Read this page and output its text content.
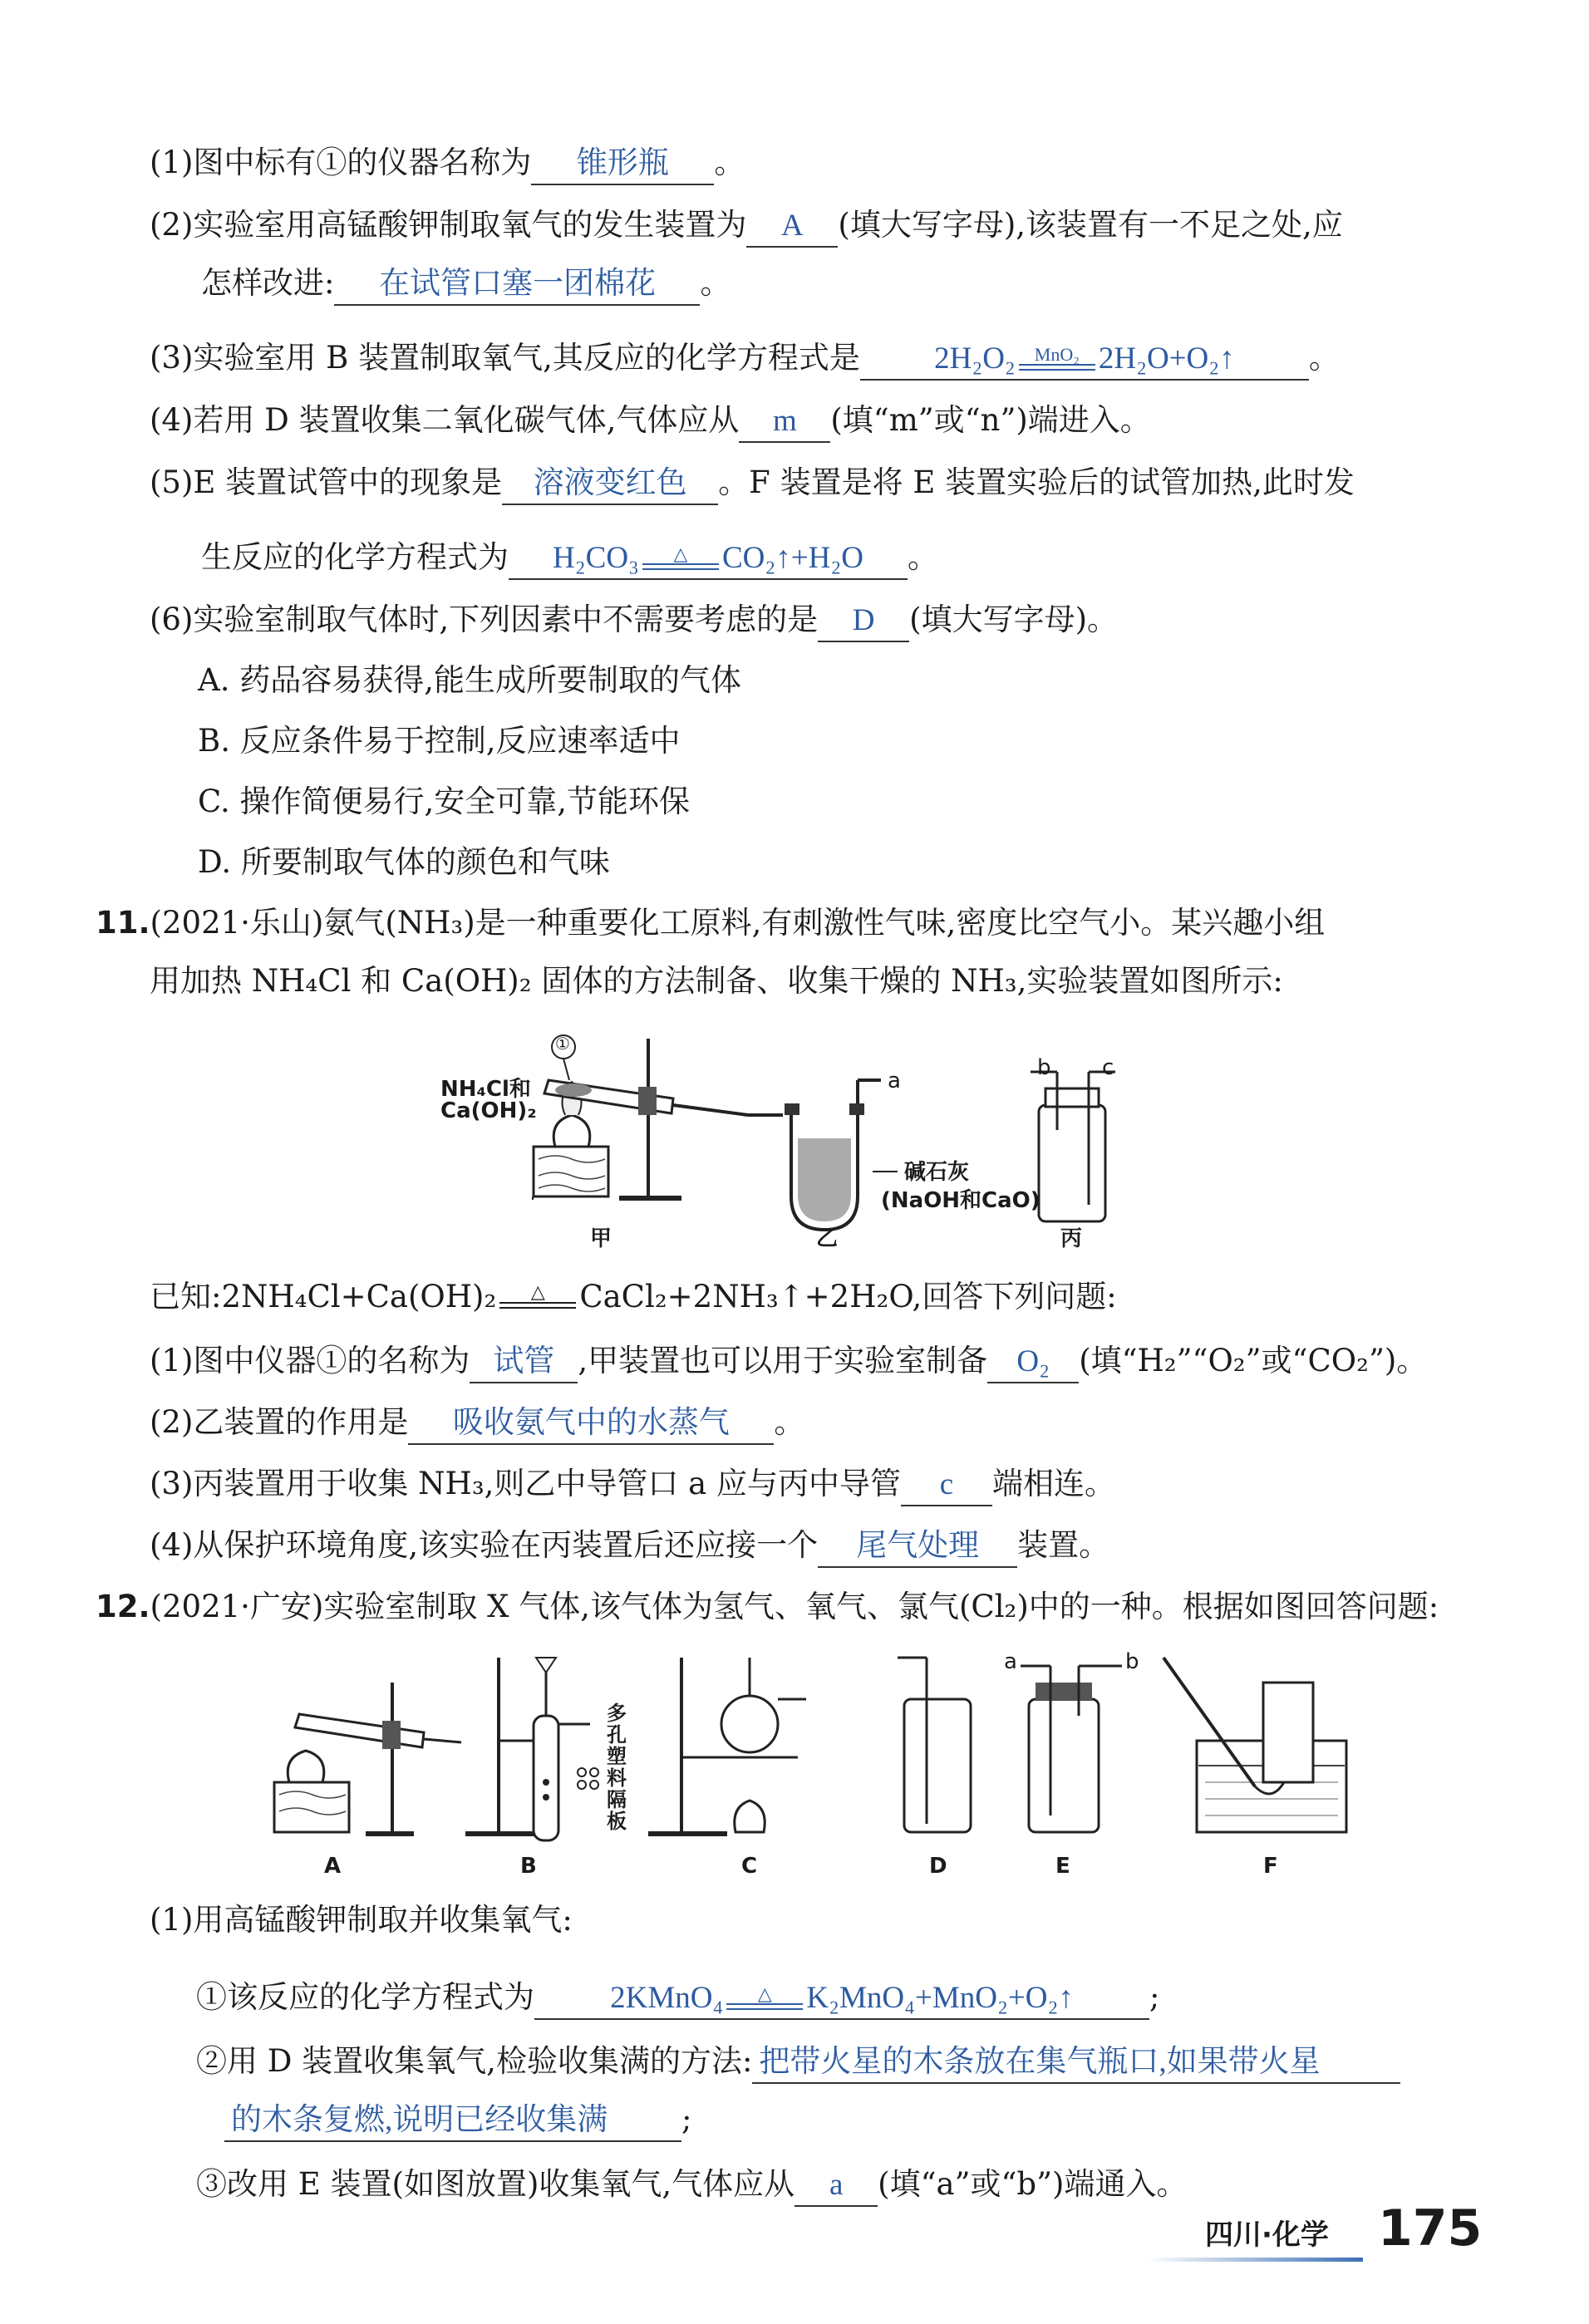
(1)图中标有①的仪器名称为 锥形瓶 。
(2)实验室用高锰酸钾制取氧气的发生装置为 A (填大写字母),该装置有一不足之处,应
怎样改进: 在试管口塞一团棉花 。
(3)实验室用 B 装置制取氧气,其反应的化学方程式是 2H₂O₂ MnO₂ 2H₂O+O₂↑ 。
(4)若用 D 装置收集二氧化碳气体,气体应从 m (填“m”或“n”)端进入。
(5)E 装置试管中的现象是 溶液变红色 。F 装置是将 E 装置实验后的试管加热,此时发
生反应的化学方程式为 H₂CO₃ △ CO₂↑+H₂O 。
(6)实验室制取气体时,下列因素中不需要考虑的是 D (填大写字母)。
A. 药品容易获得,能生成所要制取的气体
B. 反应条件易于控制,反应速率适中
C. 操作简便易行,安全可靠,节能环保
D. 所要制取气体的颜色和气味
11.(2021·乐山)氨气(NH₃)是一种重要化工原料,有刺激性气味,密度比空气小。某兴趣小组
用加热 NH₄Cl 和 Ca(OH)₂ 固体的方法制备、收集干燥的 NH₃,实验装置如图所示:
①
NH₄Cl和
Ca(OH)₂
a
碱石灰
(NaOH和CaO)
b c
甲	乙	丙
已知:2NH₄Cl+Ca(OH)₂ △ CaCl₂+2NH₃↑+2H₂O,回答下列问题:
(1)图中仪器①的名称为 试管 ,甲装置也可以用于实验室制备 O₂ (填“H₂”“O₂”或“CO₂”)。
(2)乙装置的作用是 吸收氨气中的水蒸气 。
(3)丙装置用于收集 NH₃,则乙中导管口 a 应与丙中导管 c 端相连。
(4)从保护环境角度,该实验在丙装置后还应接一个 尾气处理 装置。
12.(2021·广安)实验室制取 X 气体,该气体为氢气、氧气、氯气(Cl₂)中的一种。根据如图回答问题:
A	B	C	D	E	F
多
孔
塑
料
隔
板
a	b
(1)用高锰酸钾制取并收集氧气:
①该反应的化学方程式为 2KMnO₄ △ K₂MnO₄+MnO₂+O₂↑ ;
②用 D 装置收集氧气,检验收集满的方法: 把带火星的木条放在集气瓶口,如果带火星
的木条复燃,说明已经收集满 ;
③改用 E 装置(如图放置)收集氧气,气体应从 a (填“a”或“b”)端通入。
四川·化学 175
